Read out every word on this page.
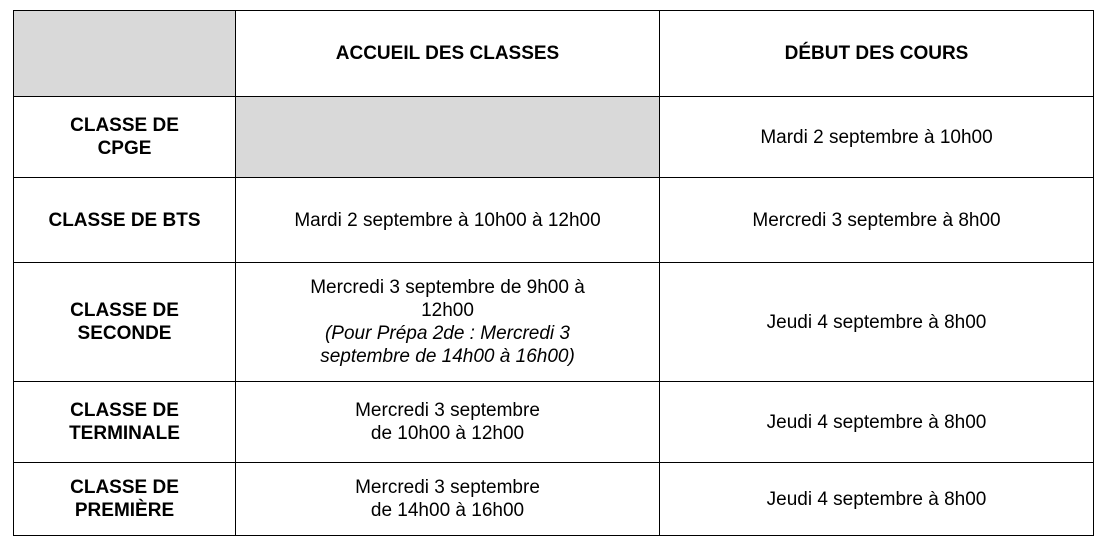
	ACCUEIL DES CLASSES	DÉBUT DES COURS

CLASSE DE
CPGE		Mardi 2 septembre à 10h00
CLASSE DE BTS	Mardi 2 septembre à 10h00 à 12h00	Mercredi 3 septembre à 8h00

CLASSE DE
SECONDE	Mercredi 3 septembre de 9h00 à
12h00
(Pour Prépa 2de : Mercredi 3
septembre de 14h00 à 16h00)	Jeudi 4 septembre à 8h00

CLASSE DE
TERMINALE	Mercredi 3 septembre
de 10h00 à 12h00	Jeudi 4 septembre à 8h00

CLASSE DE
PREMIÈRE	Mercredi 3 septembre
de 14h00 à 16h00	Jeudi 4 septembre à 8h00
